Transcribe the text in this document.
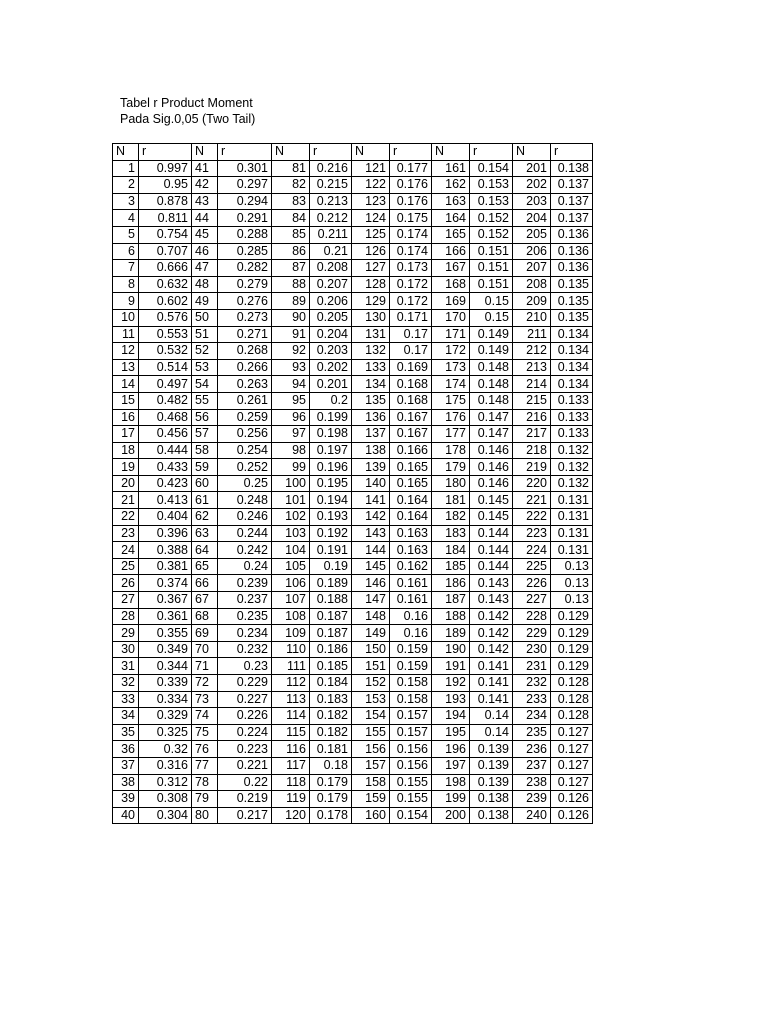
Tabel r Product Moment
Pada Sig.0,05 (Two Tail)
N	r	N	r	N	r	N	r	N	r	N	r
1	0.997	41	0.301	81	0.216	121	0.177	161	0.154	201	0.138
2	0.95	42	0.297	82	0.215	122	0.176	162	0.153	202	0.137
3	0.878	43	0.294	83	0.213	123	0.176	163	0.153	203	0.137
4	0.811	44	0.291	84	0.212	124	0.175	164	0.152	204	0.137
5	0.754	45	0.288	85	0.211	125	0.174	165	0.152	205	0.136
6	0.707	46	0.285	86	0.21	126	0.174	166	0.151	206	0.136
7	0.666	47	0.282	87	0.208	127	0.173	167	0.151	207	0.136
8	0.632	48	0.279	88	0.207	128	0.172	168	0.151	208	0.135
9	0.602	49	0.276	89	0.206	129	0.172	169	0.15	209	0.135
10	0.576	50	0.273	90	0.205	130	0.171	170	0.15	210	0.135
11	0.553	51	0.271	91	0.204	131	0.17	171	0.149	211	0.134
12	0.532	52	0.268	92	0.203	132	0.17	172	0.149	212	0.134
13	0.514	53	0.266	93	0.202	133	0.169	173	0.148	213	0.134
14	0.497	54	0.263	94	0.201	134	0.168	174	0.148	214	0.134
15	0.482	55	0.261	95	0.2	135	0.168	175	0.148	215	0.133
16	0.468	56	0.259	96	0.199	136	0.167	176	0.147	216	0.133
17	0.456	57	0.256	97	0.198	137	0.167	177	0.147	217	0.133
18	0.444	58	0.254	98	0.197	138	0.166	178	0.146	218	0.132
19	0.433	59	0.252	99	0.196	139	0.165	179	0.146	219	0.132
20	0.423	60	0.25	100	0.195	140	0.165	180	0.146	220	0.132
21	0.413	61	0.248	101	0.194	141	0.164	181	0.145	221	0.131
22	0.404	62	0.246	102	0.193	142	0.164	182	0.145	222	0.131
23	0.396	63	0.244	103	0.192	143	0.163	183	0.144	223	0.131
24	0.388	64	0.242	104	0.191	144	0.163	184	0.144	224	0.131
25	0.381	65	0.24	105	0.19	145	0.162	185	0.144	225	0.13
26	0.374	66	0.239	106	0.189	146	0.161	186	0.143	226	0.13
27	0.367	67	0.237	107	0.188	147	0.161	187	0.143	227	0.13
28	0.361	68	0.235	108	0.187	148	0.16	188	0.142	228	0.129
29	0.355	69	0.234	109	0.187	149	0.16	189	0.142	229	0.129
30	0.349	70	0.232	110	0.186	150	0.159	190	0.142	230	0.129
31	0.344	71	0.23	111	0.185	151	0.159	191	0.141	231	0.129
32	0.339	72	0.229	112	0.184	152	0.158	192	0.141	232	0.128
33	0.334	73	0.227	113	0.183	153	0.158	193	0.141	233	0.128
34	0.329	74	0.226	114	0.182	154	0.157	194	0.14	234	0.128
35	0.325	75	0.224	115	0.182	155	0.157	195	0.14	235	0.127
36	0.32	76	0.223	116	0.181	156	0.156	196	0.139	236	0.127
37	0.316	77	0.221	117	0.18	157	0.156	197	0.139	237	0.127
38	0.312	78	0.22	118	0.179	158	0.155	198	0.139	238	0.127
39	0.308	79	0.219	119	0.179	159	0.155	199	0.138	239	0.126
40	0.304	80	0.217	120	0.178	160	0.154	200	0.138	240	0.126
